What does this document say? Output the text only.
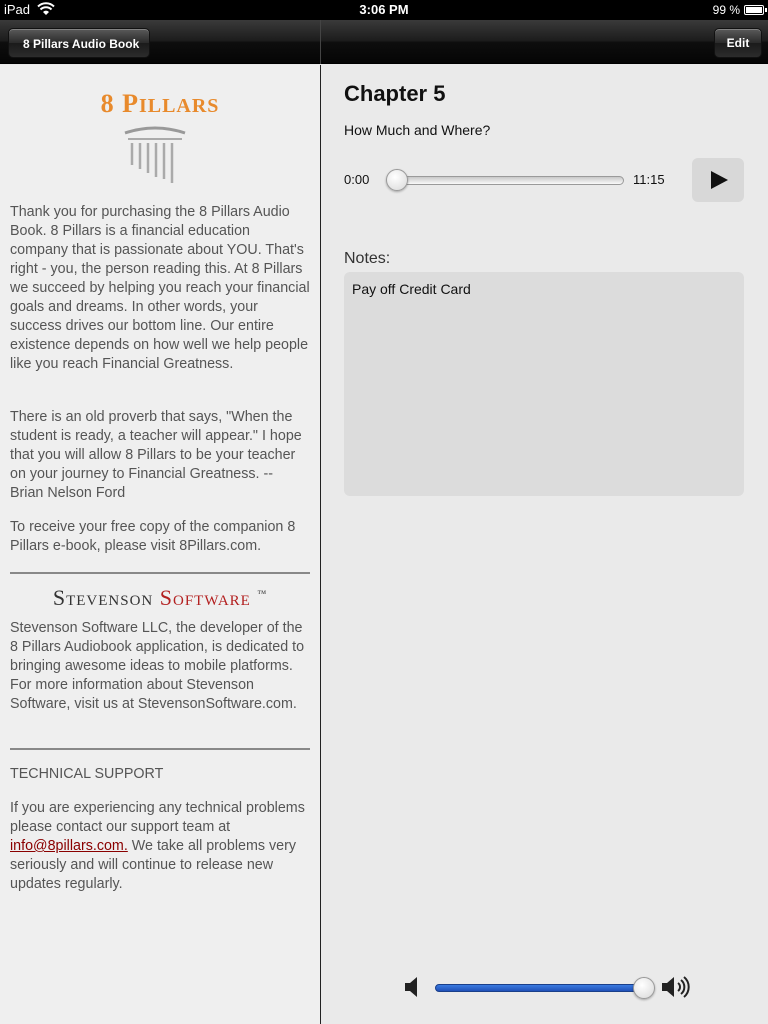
iPad	3:06 PM	99 %
8 Pillars Audio Book	Edit
8 PILLARS

Thank you for purchasing the 8 Pillars Audio Book. 8 Pillars is a financial education company that is passionate about YOU. That's right - you, the person reading this. At 8 Pillars we succeed by helping you reach your financial goals and dreams. In other words, your success drives our bottom line. Our entire existence depends on how well we help people like you reach Financial Greatness.

There is an old proverb that says, "When the student is ready, a teacher will appear." I hope that you will allow 8 Pillars to be your teacher on your journey to Financial Greatness. -- Brian Nelson Ford

To receive your free copy of the companion 8 Pillars e-book, please visit 8Pillars.com.

Stevenson Software ™

Stevenson Software LLC, the developer of the 8 Pillars Audiobook application, is dedicated to bringing awesome ideas to mobile platforms. For more information about Stevenson Software, visit us at StevensonSoftware.com.

TECHNICAL SUPPORT

If you are experiencing any technical problems please contact our support team at info@8pillars.com. We take all problems very seriously and will continue to release new updates regularly.

Chapter 5
How Much and Where?
0:00	11:15
Notes:
Pay off Credit Card
